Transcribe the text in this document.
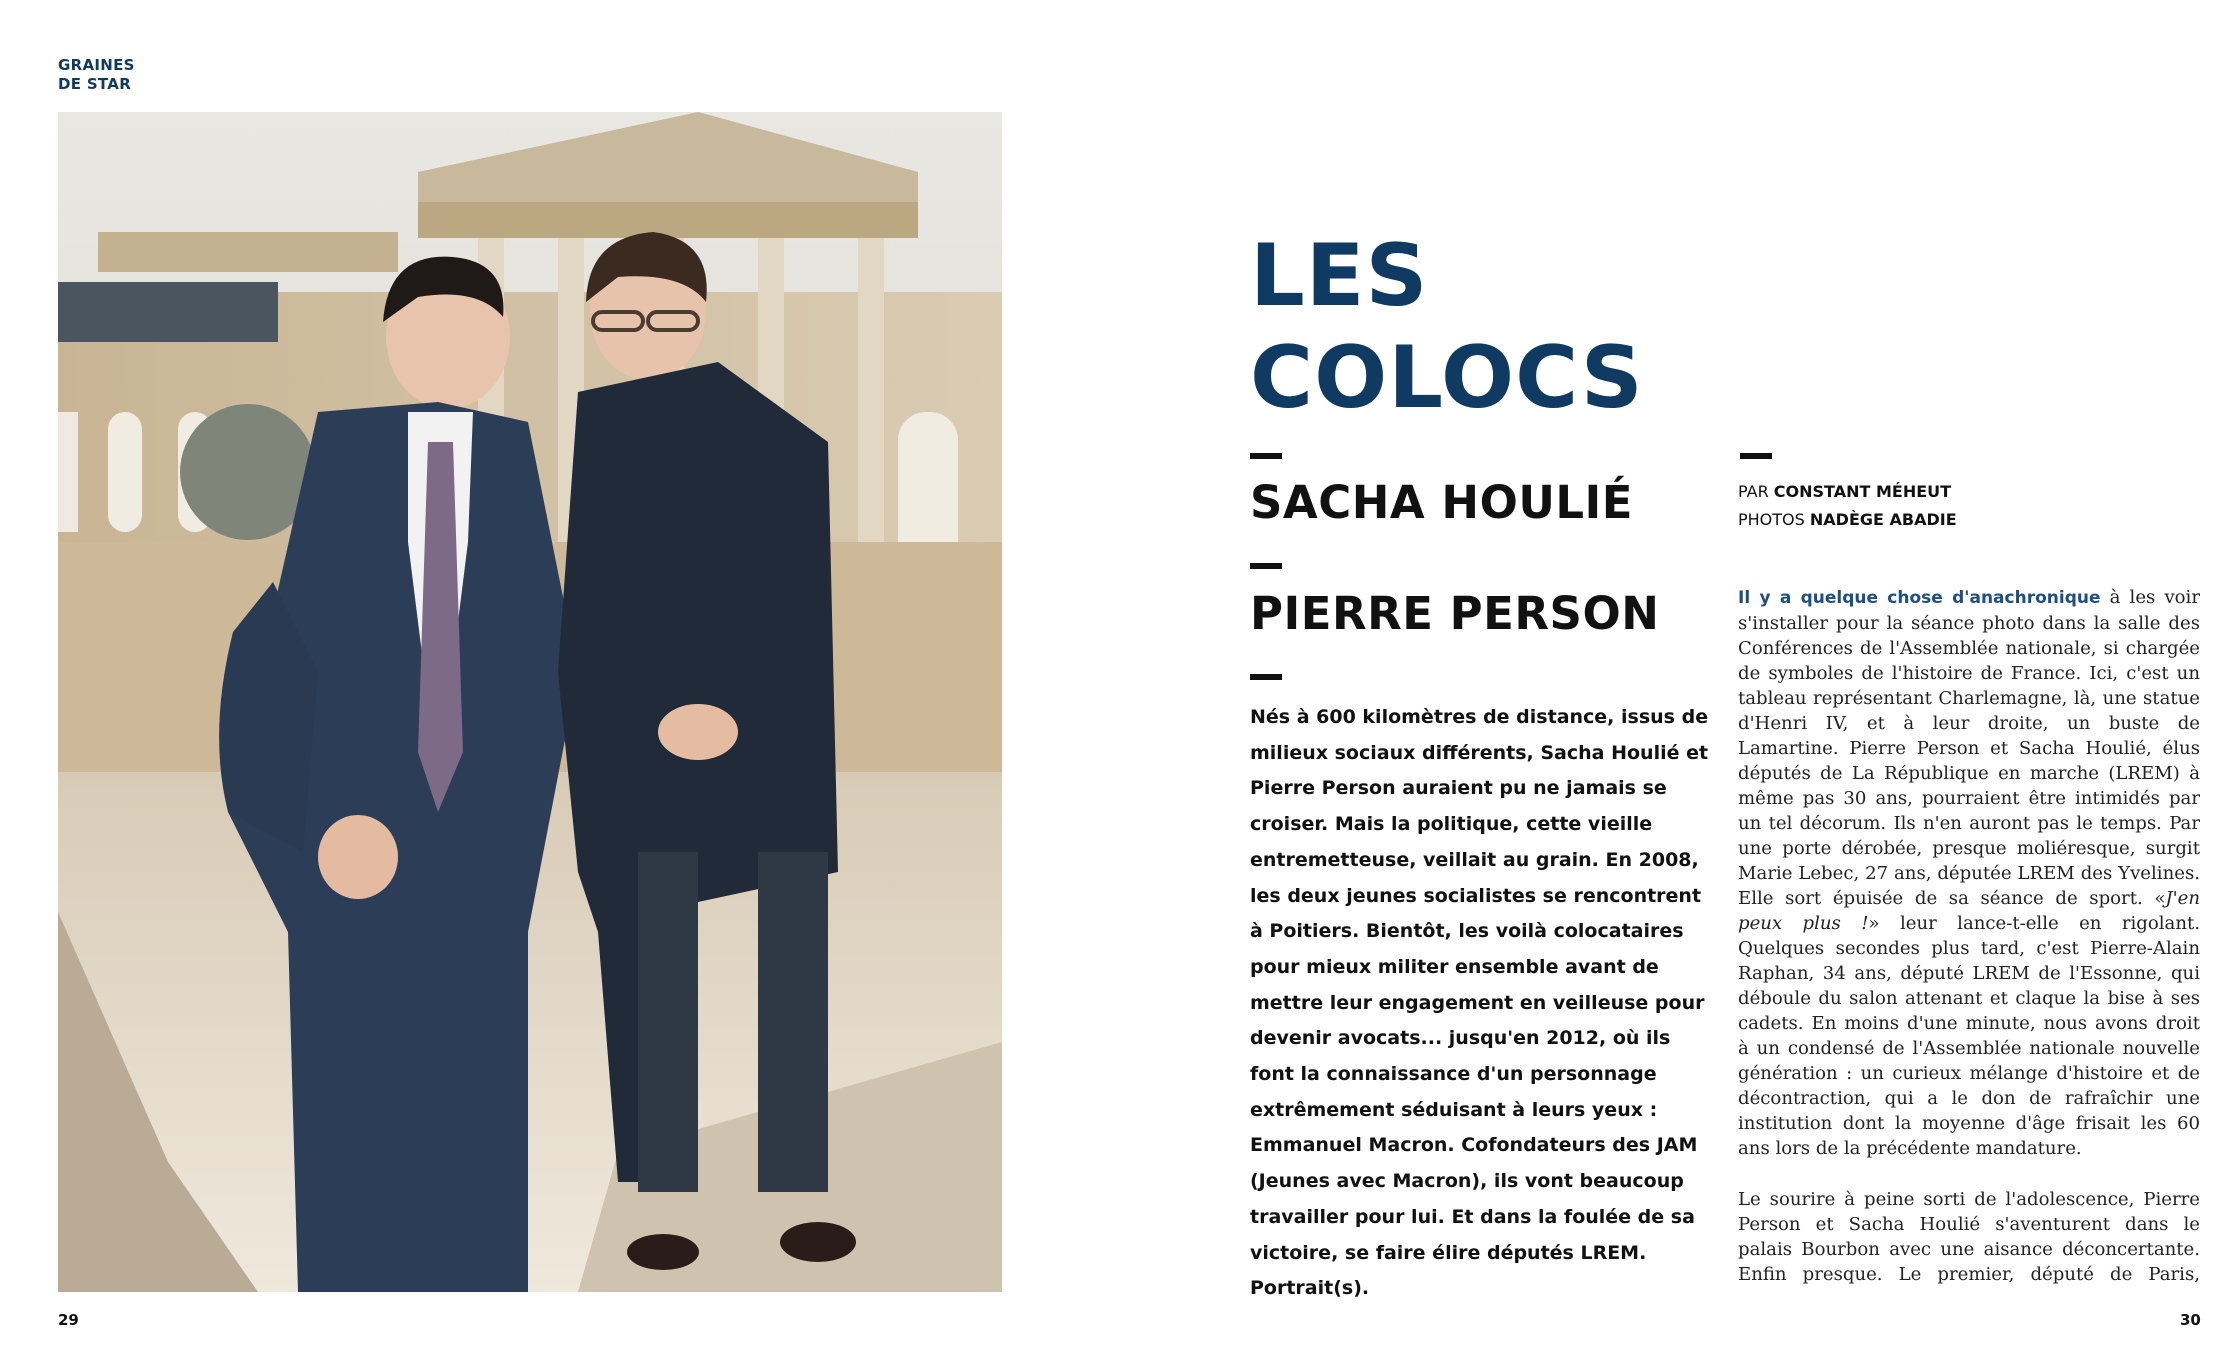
GRAINES
DE STAR
29	30
LES
COLOCS
SACHA HOULIÉ
PIERRE PERSON
Nés à 600 kilomètres de distance, issus de milieux sociaux différents, Sacha Houlié et Pierre Person auraient pu ne jamais se croiser. Mais la politique, cette vieille entremetteuse, veillait au grain. En 2008, les deux jeunes socialistes se rencontrent à Poitiers. Bientôt, les voilà colocataires pour mieux militer ensemble avant de mettre leur engagement en veilleuse pour devenir avocats... jusqu'en 2012, où ils font la connaissance d'un personnage extrêmement séduisant à leurs yeux : Emmanuel Macron. Cofondateurs des JAM (Jeunes avec Macron), ils vont beaucoup travailler pour lui. Et dans la foulée de sa victoire, se faire élire députés LREM. Portrait(s).
PAR CONSTANT MÉHEUT
PHOTOS NADÈGE ABADIE

Il y a quelque chose d'anachronique à les voir s'installer pour la séance photo dans la salle des Conférences de l'Assemblée nationale, si chargée de symboles de l'histoire de France. Ici, c'est un tableau représentant Charlemagne, là, une statue d'Henri IV, et à leur droite, un buste de Lamartine. Pierre Person et Sacha Houlié, élus députés de La République en marche (LREM) à même pas 30 ans, pourraient être intimidés par un tel décorum. Ils n'en auront pas le temps. Par une porte dérobée, presque moliéresque, surgit Marie Lebec, 27 ans, députée LREM des Yvelines. Elle sort épuisée de sa séance de sport. «J'en peux plus !» leur lance-t-elle en rigolant. Quelques secondes plus tard, c'est Pierre-Alain Raphan, 34 ans, député LREM de l'Essonne, qui déboule du salon attenant et claque la bise à ses cadets. En moins d'une minute, nous avons droit à un condensé de l'Assemblée nationale nouvelle génération : un curieux mélange d'histoire et de décontraction, qui a le don de rafraîchir une institution dont la moyenne d'âge frisait les 60 ans lors de la précédente mandature.

Le sourire à peine sorti de l'adolescence, Pierre Person et Sacha Houlié s'aventurent dans le palais Bourbon avec une aisance déconcertante. Enfin presque. Le premier, député de Paris,
